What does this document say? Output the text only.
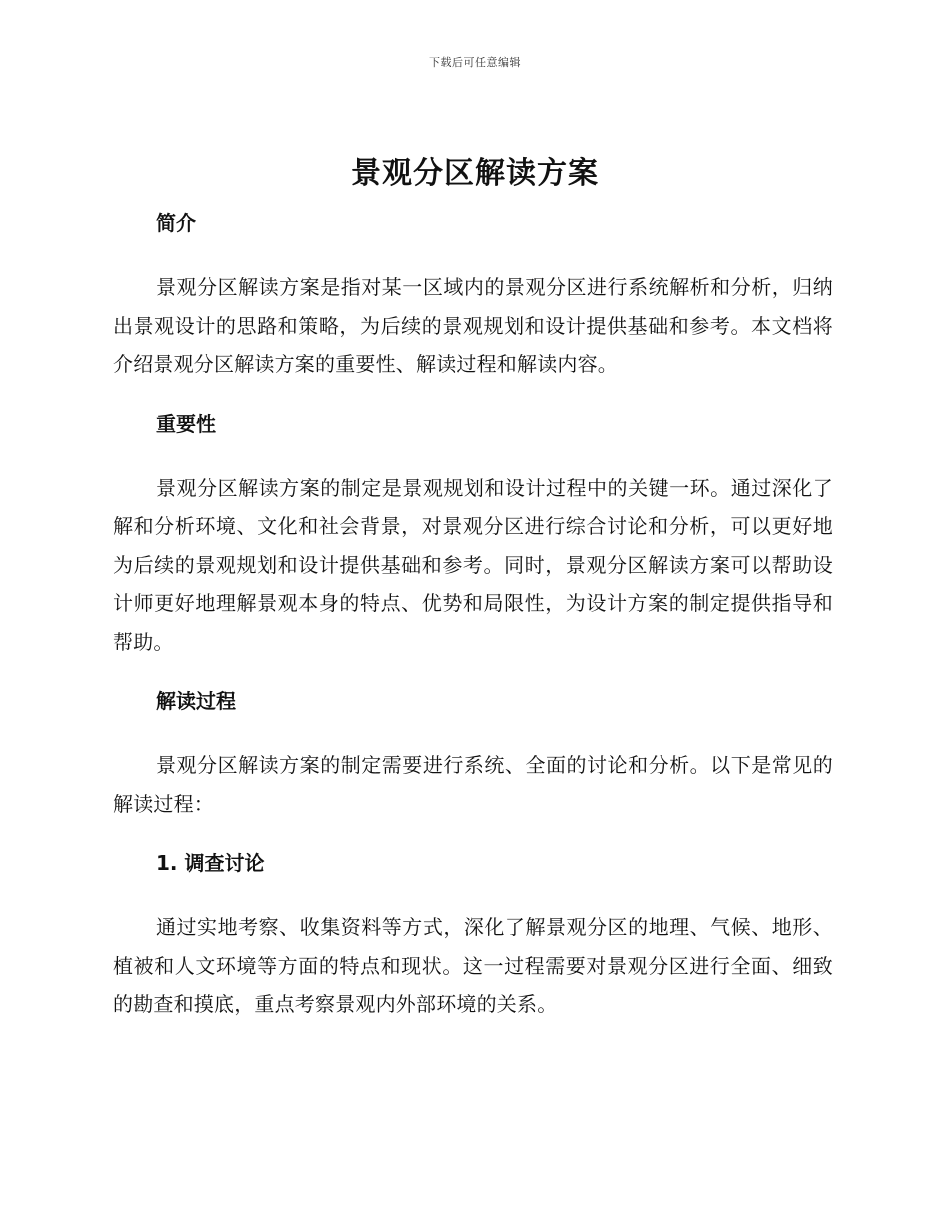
下载后可任意编辑
景观分区解读方案
简介

景观分区解读方案是指对某一区域内的景观分区进行系统解析和分析，归纳出景观设计的思路和策略，为后续的景观规划和设计提供基础和参考。本文档将介绍景观分区解读方案的重要性、解读过程和解读内容。

重要性

景观分区解读方案的制定是景观规划和设计过程中的关键一环。通过深化了解和分析环境、文化和社会背景，对景观分区进行综合讨论和分析，可以更好地为后续的景观规划和设计提供基础和参考。同时，景观分区解读方案可以帮助设计师更好地理解景观本身的特点、优势和局限性，为设计方案的制定提供指导和帮助。

解读过程

景观分区解读方案的制定需要进行系统、全面的讨论和分析。以下是常见的解读过程：

1. 调查讨论

通过实地考察、收集资料等方式，深化了解景观分区的地理、气候、地形、植被和人文环境等方面的特点和现状。这一过程需要对景观分区进行全面、细致的勘查和摸底，重点考察景观内外部环境的关系。
